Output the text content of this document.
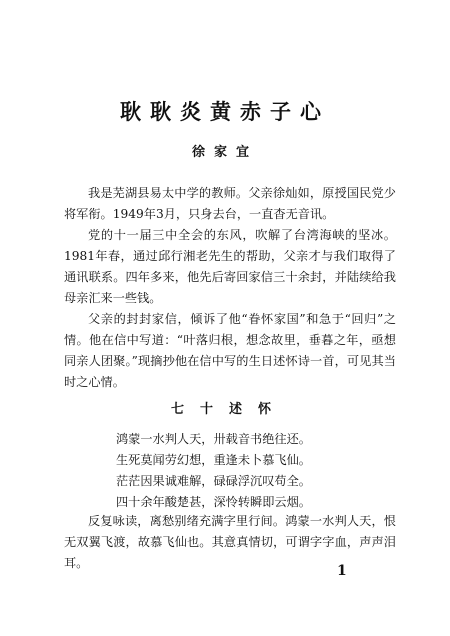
耿耿炎黄赤子心
徐家宜

我是芜湖县易太中学的教师。父亲徐灿如，原授国民党少将军衔。1949年3月，只身去台，一直杳无音讯。

党的十一届三中全会的东风，吹解了台湾海峡的坚冰。1981年春，通过邱行湘老先生的帮助，父亲才与我们取得了通讯联系。四年多来，他先后寄回家信三十余封，并陆续给我母亲汇来一些钱。

父亲的封封家信，倾诉了他“眷怀家国”和急于“回归”之情。他在信中写道：“叶落归根，想念故里，垂暮之年，亟想同亲人团聚。”现摘抄他在信中写的生日述怀诗一首，可见其当时之心情。

七十述怀
鸿蒙一水判人天，卅载音书绝往还。
生死莫闻劳幻想，重逢未卜慕飞仙。
茫茫因果诚难解，碌碌浮沉叹苟全。
四十余年酸楚甚，深怜转瞬即云烟。

反复咏读，离愁别绪充满字里行间。鸿蒙一水判人天，恨无双翼飞渡，故慕飞仙也。其意真情切，可谓字字血，声声泪耳。	1
